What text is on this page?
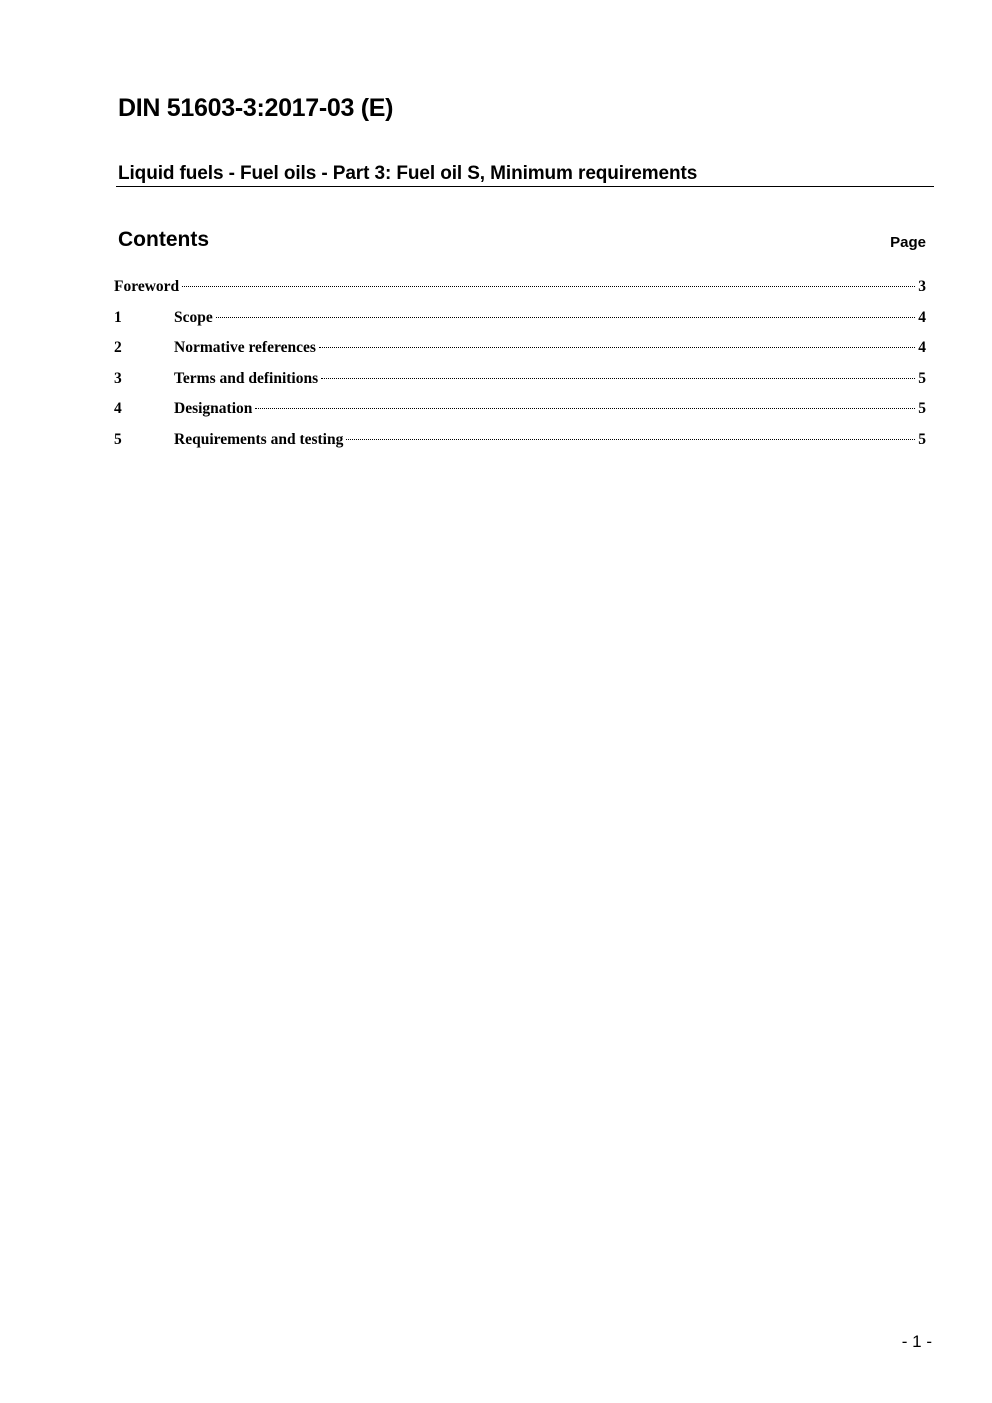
DIN 51603-3:2017-03 (E)
Liquid fuels - Fuel oils - Part 3: Fuel oil S, Minimum requirements
Contents	Page
Foreword	3
1	Scope	4
2	Normative references	4
3	Terms and definitions	5
4	Designation	5
5	Requirements and testing	5
- 1 -
